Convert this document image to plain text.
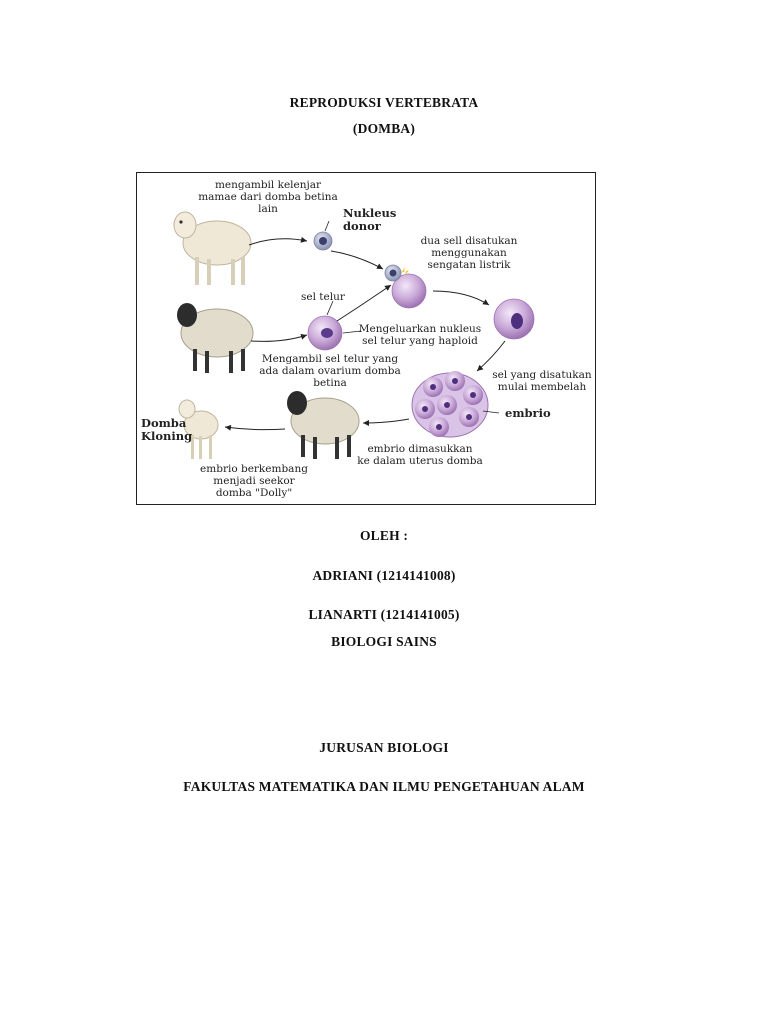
REPRODUKSI VERTEBRATA
(DOMBA)
mengambil kelenjar
mamae dari domba betina
lain	Nukleus
donor
dua sell disatukan
menggunakan
sengatan listrik
sel telur
Mengeluarkan nukleus
sel telur yang haploid
Mengambil sel telur yang
ada dalam ovarium domba
betina
sel yang disatukan
mulai membelah
embrio
embrio dimasukkan
ke dalam uterus domba
Domba
Kloning
embrio berkembang
menjadi seekor
domba "Dolly"
OLEH :
ADRIANI (1214141008)
LIANARTI (1214141005)
BIOLOGI SAINS
JURUSAN BIOLOGI
FAKULTAS MATEMATIKA DAN ILMU PENGETAHUAN ALAM
